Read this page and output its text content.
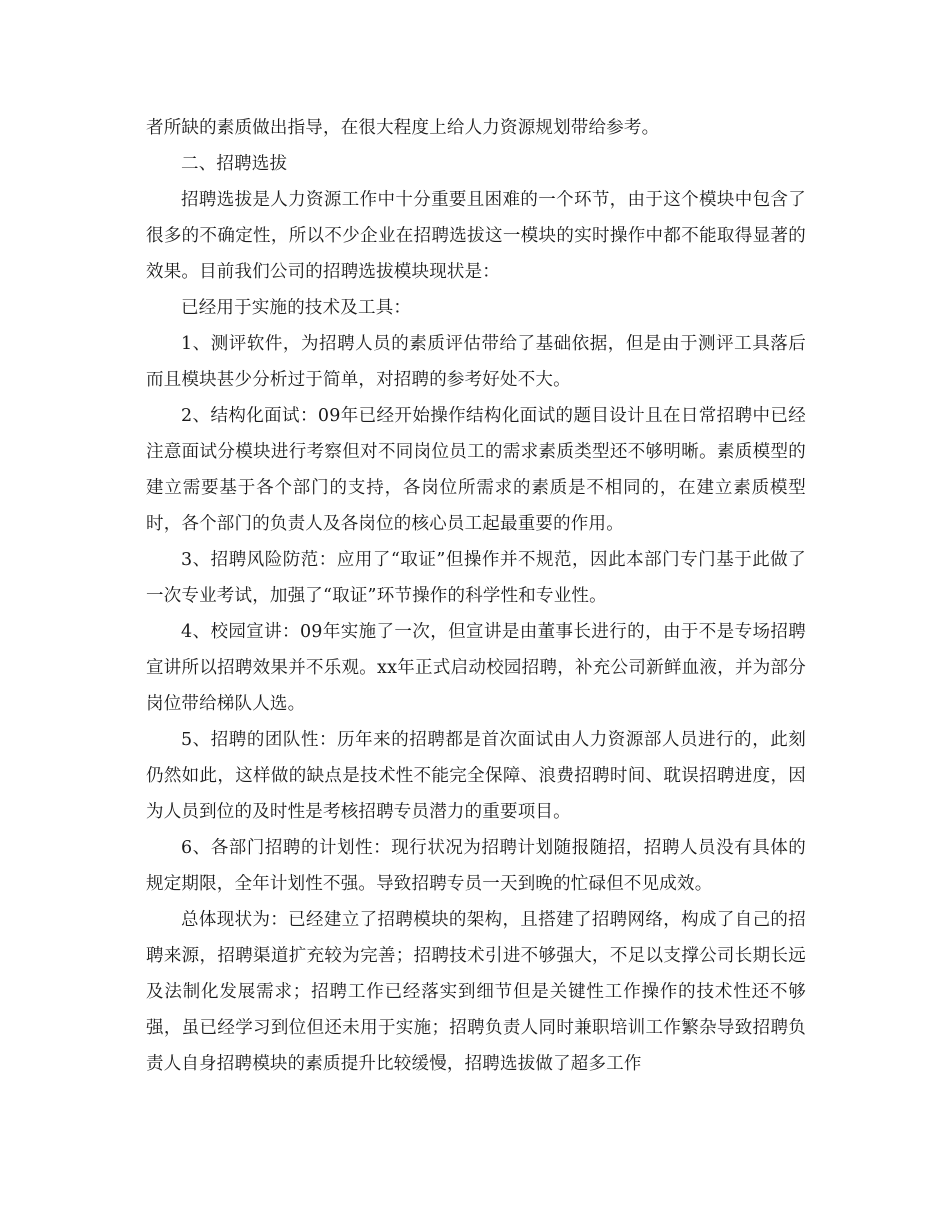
者所缺的素质做出指导，在很大程度上给人力资源规划带给参考。

二、招聘选拔

招聘选拔是人力资源工作中十分重要且困难的一个环节，由于这个模块中包含了很多的不确定性，所以不少企业在招聘选拔这一模块的实时操作中都不能取得显著的效果。目前我们公司的招聘选拔模块现状是：

已经用于实施的技术及工具：

1、测评软件，为招聘人员的素质评估带给了基础依据，但是由于测评工具落后而且模块甚少分析过于简单，对招聘的参考好处不大。

2、结构化面试：09年已经开始操作结构化面试的题目设计且在日常招聘中已经注意面试分模块进行考察但对不同岗位员工的需求素质类型还不够明晰。素质模型的建立需要基于各个部门的支持，各岗位所需求的素质是不相同的，在建立素质模型时，各个部门的负责人及各岗位的核心员工起最重要的作用。

3、招聘风险防范：应用了“取证”但操作并不规范，因此本部门专门基于此做了一次专业考试，加强了“取证”环节操作的科学性和专业性。

4、校园宣讲：09年实施了一次，但宣讲是由董事长进行的，由于不是专场招聘宣讲所以招聘效果并不乐观。xx年正式启动校园招聘，补充公司新鲜血液，并为部分岗位带给梯队人选。

5、招聘的团队性：历年来的招聘都是首次面试由人力资源部人员进行的，此刻仍然如此，这样做的缺点是技术性不能完全保障、浪费招聘时间、耽误招聘进度，因为人员到位的及时性是考核招聘专员潜力的重要项目。

6、各部门招聘的计划性：现行状况为招聘计划随报随招，招聘人员没有具体的规定期限，全年计划性不强。导致招聘专员一天到晚的忙碌但不见成效。

总体现状为：已经建立了招聘模块的架构，且搭建了招聘网络，构成了自己的招聘来源，招聘渠道扩充较为完善；招聘技术引进不够强大，不足以支撑公司长期长远及法制化发展需求；招聘工作已经落实到细节但是关键性工作操作的技术性还不够强，虽已经学习到位但还未用于实施；招聘负责人同时兼职培训工作繁杂导致招聘负责人自身招聘模块的素质提升比较缓慢，招聘选拔做了超多工作
